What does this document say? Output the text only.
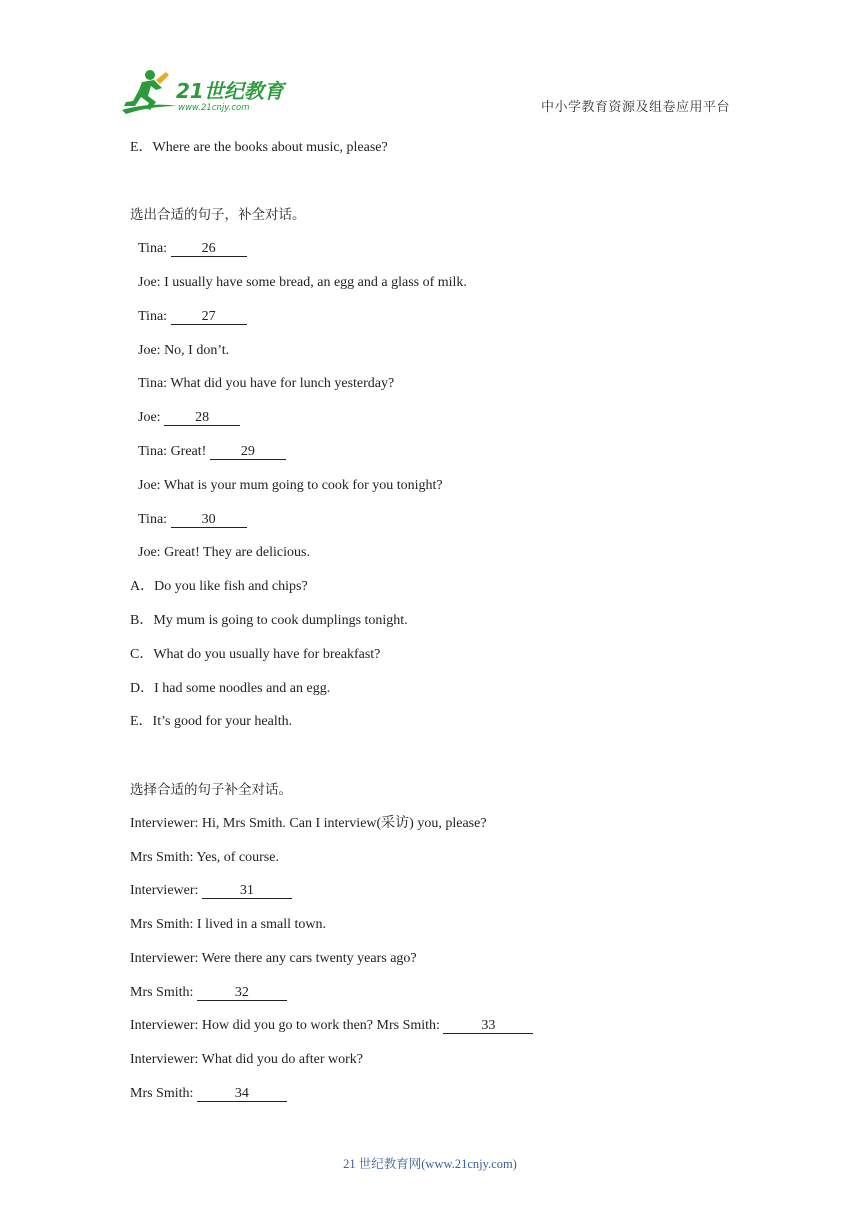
21世纪教育
www.21cnjy.com	中小学教育资源及组卷应用平台
E．Where are the books about music, please?
选出合适的句子，补全对话。
Tina: 26
Joe: I usually have some bread, an egg and a glass of milk.
Tina: 27
Joe: No, I don’t.
Tina: What did you have for lunch yesterday?
Joe: 28
Tina: Great! 29
Joe: What is your mum going to cook for you tonight?
Tina: 30
Joe: Great! They are delicious.
A．Do you like fish and chips?
B．My mum is going to cook dumplings tonight.
C．What do you usually have for breakfast?
D．I had some noodles and an egg.
E．It’s good for your health.
选择合适的句子补全对话。
Interviewer: Hi, Mrs Smith. Can I interview(采访) you, please?
Mrs Smith: Yes, of course.
Interviewer:	31
Mrs Smith: I lived in a small town.
Interviewer: Were there any cars twenty years ago?
Mrs Smith:	32
Interviewer: How did you go to work then? Mrs Smith:	33
Interviewer: What did you do after work?
Mrs Smith:	34
21 世纪教育网(www.21cnjy.com)
